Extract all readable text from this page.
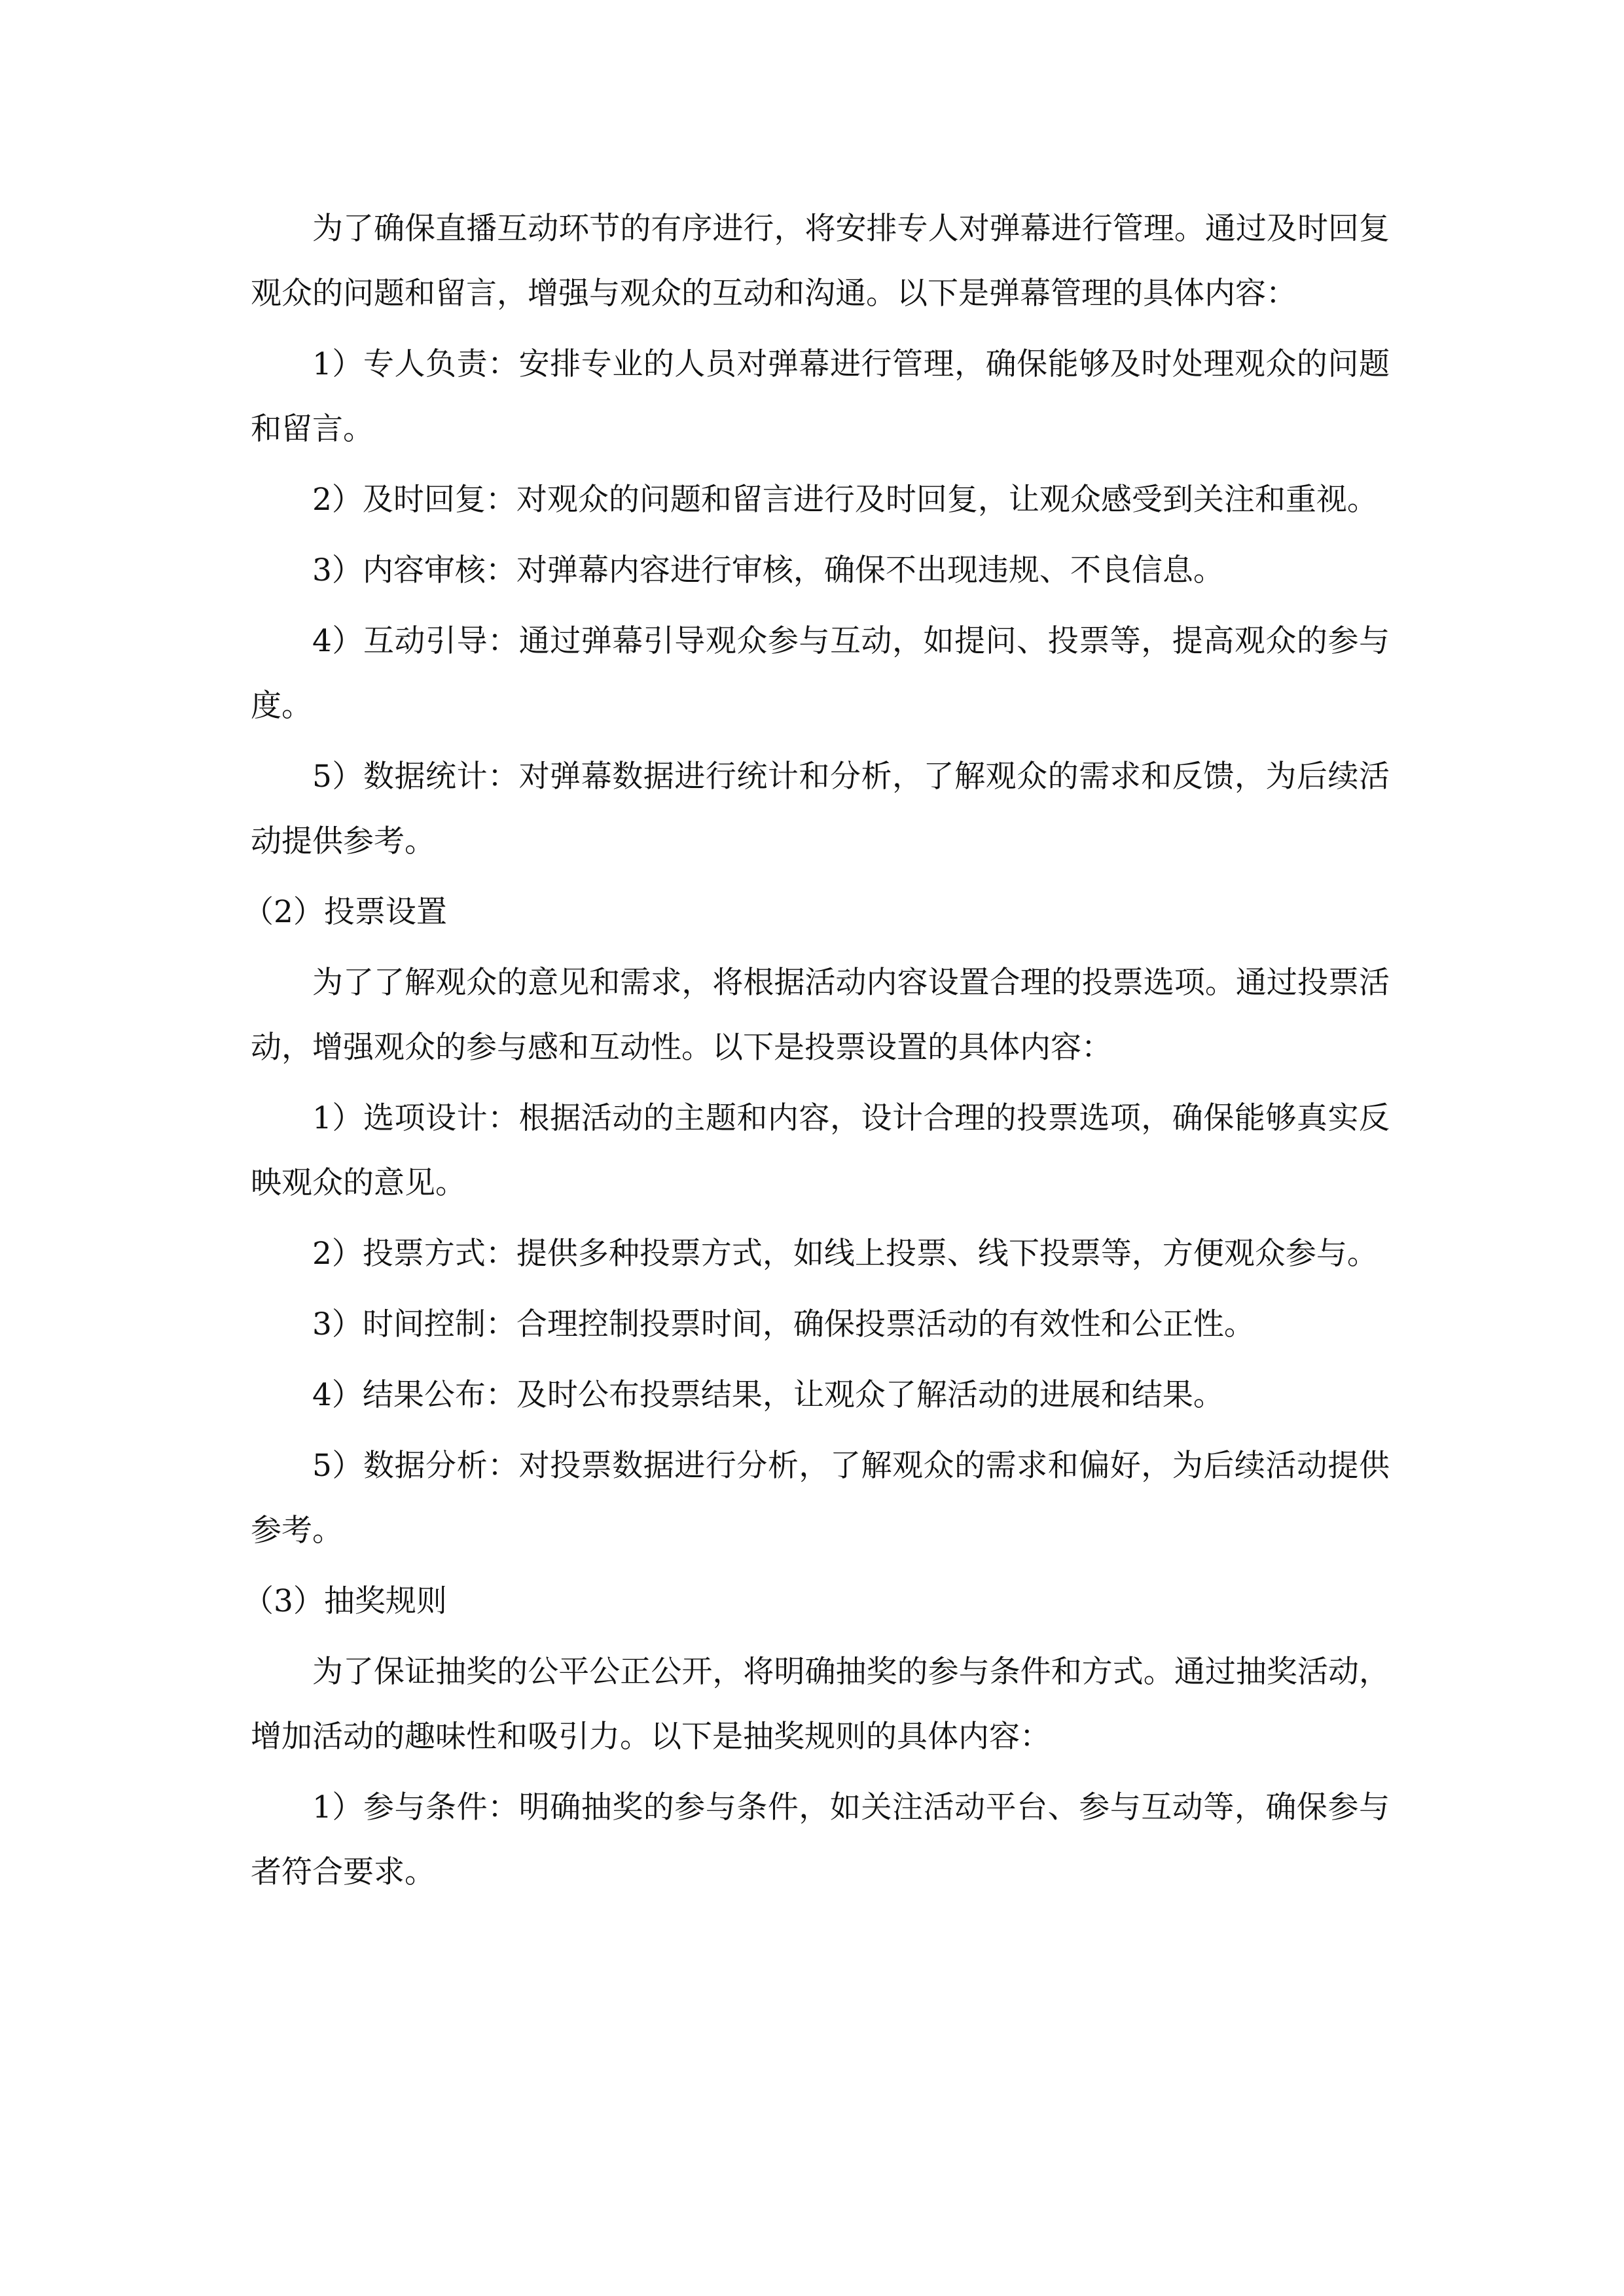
为了确保直播互动环节的有序进行，将安排专人对弹幕进行管理。通过及时回复观众的问题和留言，增强与观众的互动和沟通。以下是弹幕管理的具体内容：

1）专人负责：安排专业的人员对弹幕进行管理，确保能够及时处理观众的问题和留言。

2）及时回复：对观众的问题和留言进行及时回复，让观众感受到关注和重视。

3）内容审核：对弹幕内容进行审核，确保不出现违规、不良信息。

4）互动引导：通过弹幕引导观众参与互动，如提问、投票等，提高观众的参与度。

5）数据统计：对弹幕数据进行统计和分析，了解观众的需求和反馈，为后续活动提供参考。

（2）投票设置

为了了解观众的意见和需求，将根据活动内容设置合理的投票选项。通过投票活动，增强观众的参与感和互动性。以下是投票设置的具体内容：

1）选项设计：根据活动的主题和内容，设计合理的投票选项，确保能够真实反映观众的意见。

2）投票方式：提供多种投票方式，如线上投票、线下投票等，方便观众参与。

3）时间控制：合理控制投票时间，确保投票活动的有效性和公正性。

4）结果公布：及时公布投票结果，让观众了解活动的进展和结果。

5）数据分析：对投票数据进行分析，了解观众的需求和偏好，为后续活动提供参考。

（3）抽奖规则

为了保证抽奖的公平公正公开，将明确抽奖的参与条件和方式。通过抽奖活动，增加活动的趣味性和吸引力。以下是抽奖规则的具体内容：

1）参与条件：明确抽奖的参与条件，如关注活动平台、参与互动等，确保参与者符合要求。
